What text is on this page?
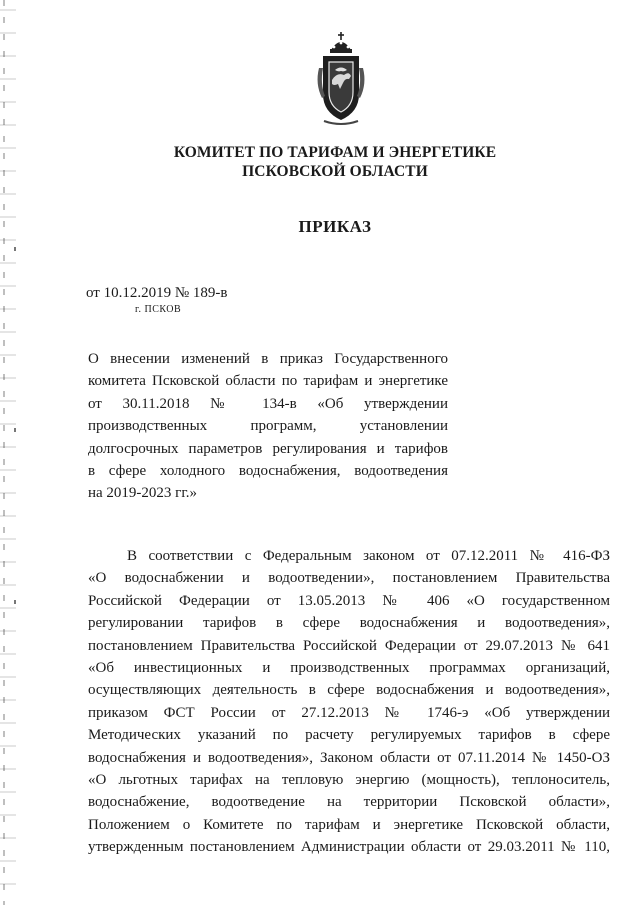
КОМИТЕТ ПО ТАРИФАМ И ЭНЕРГЕТИКЕ
ПСКОВСКОЙ ОБЛАСТИ
ПРИКАЗ
от 10.12.2019 № 189-в
г. ПСКОВ
О внесении изменений в приказ Государственного
комитета Псковской области по тарифам и энергетике
от 30.11.2018 № 134-в «Об утверждении
производственных программ, установлении
долгосрочных параметров регулирования и тарифов
в сфере холодного водоснабжения, водоотведения
на 2019-2023 гг.»
В соответствии с Федеральным законом от 07.12.2011 № 416-ФЗ
«О водоснабжении и водоотведении», постановлением Правительства
Российской Федерации от 13.05.2013 № 406 «О государственном
регулировании тарифов в сфере водоснабжения и водоотведения»,
постановлением Правительства Российской Федерации от 29.07.2013 № 641
«Об инвестиционных и производственных программах организаций,
осуществляющих деятельность в сфере водоснабжения и водоотведения»,
приказом ФСТ России от 27.12.2013 № 1746-э «Об утверждении
Методических указаний по расчету регулируемых тарифов в сфере
водоснабжения и водоотведения», Законом области от 07.11.2014 № 1450-ОЗ
«О льготных тарифах на тепловую энергию (мощность), теплоноситель,
водоснабжение, водоотведение на территории Псковской области»,
Положением о Комитете по тарифам и энергетике Псковской области,
утвержденным постановлением Администрации области от 29.03.2011 № 110,
